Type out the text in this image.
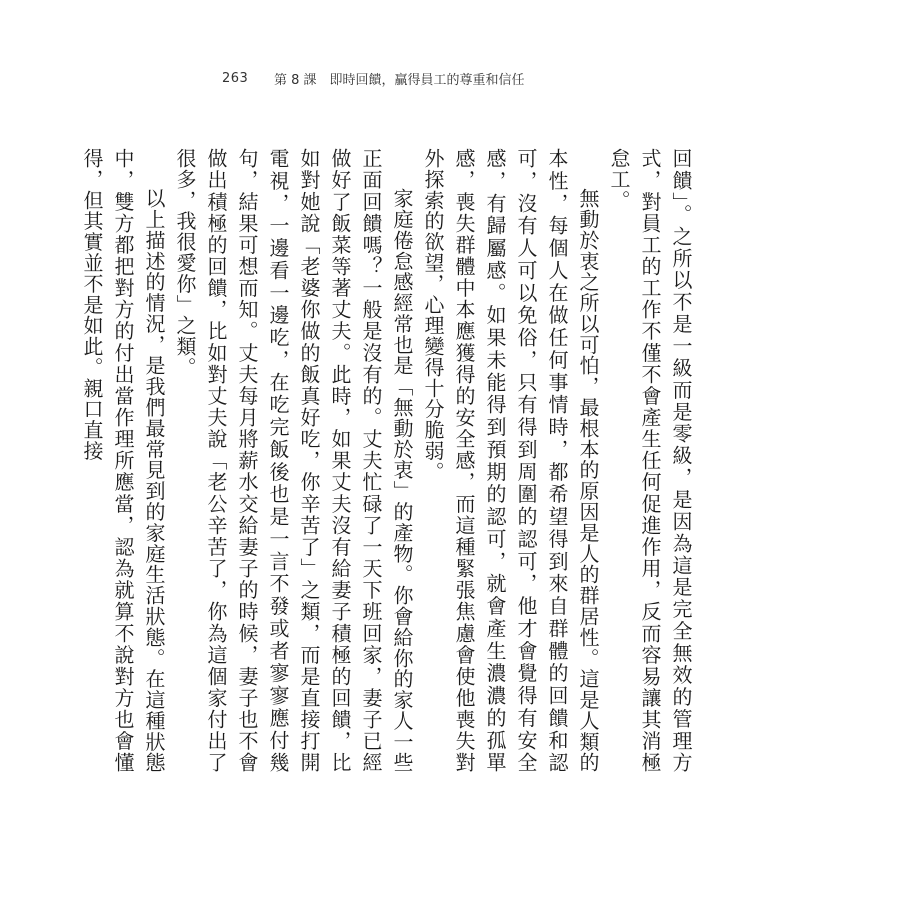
263	第 8 課　即時回饋，贏得員工的尊重和信任

回饋」。之所以不是一級而是零級，是因為這是完全無效的管理方式，對員工的工作不僅不會產生任何促進作用，反而容易讓其消極怠工。

無動於衷之所以可怕，最根本的原因是人的群居性。這是人類的本性，每個人在做任何事情時，都希望得到來自群體的回饋和認可，沒有人可以免俗，只有得到周圍的認可，他才會覺得有安全感，有歸屬感。如果未能得到預期的認可，就會產生濃濃的孤單感，喪失群體中本應獲得的安全感，而這種緊張焦慮會使他喪失對外探索的欲望，心理變得十分脆弱。

家庭倦怠感經常也是「無動於衷」的產物。你會給你的家人一些正面回饋嗎？一般是沒有的。丈夫忙碌了一天下班回家，妻子已經做好了飯菜等著丈夫。此時，如果丈夫沒有給妻子積極的回饋，比如對她說「老婆你做的飯真好吃，你辛苦了」之類，而是直接打開電視，一邊看一邊吃，在吃完飯後也是一言不發或者寥寥應付幾句，結果可想而知。丈夫每月將薪水交給妻子的時候，妻子也不會做出積極的回饋，比如對丈夫說「老公辛苦了，你為這個家付出了很多，我很愛你」之類。

以上描述的情況，是我們最常見到的家庭生活狀態。在這種狀態中，雙方都把對方的付出當作理所應當，認為就算不說對方也會懂得，但其實並不是如此。親口直接
